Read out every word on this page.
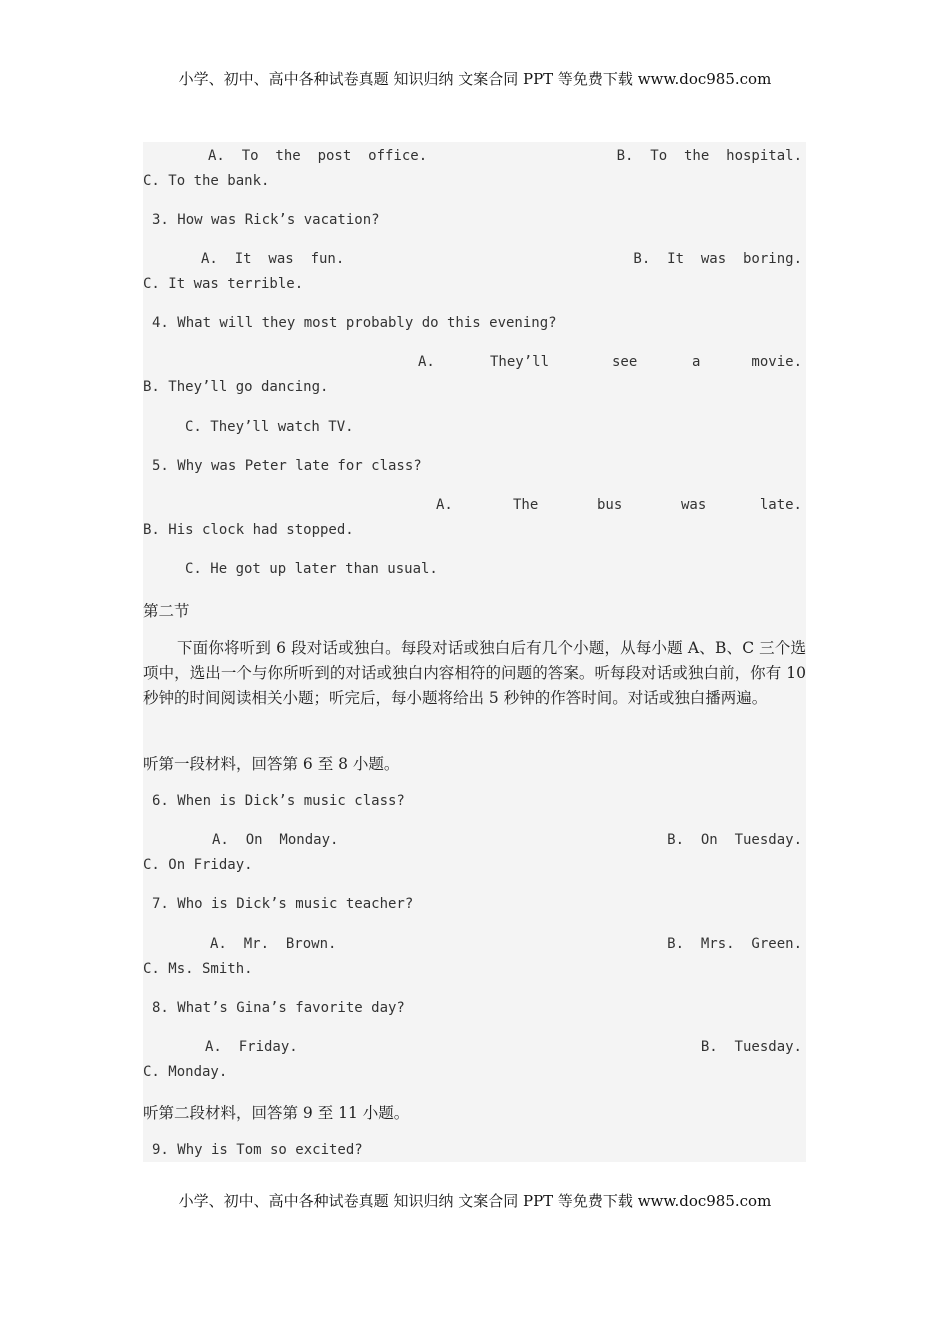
小学、初中、高中各种试卷真题 知识归纳 文案合同 PPT 等免费下载 www.doc985.com
A.  To  the  post  office.	B.  To  the  hospital.
C. To the bank.
3. How was Rick’s vacation?
A.  It  was  fun.	B.  It  was  boring.
C. It was terrible.
4. What will they most probably do this evening?
A.	They’ll	see	a	movie.
B. They’ll go dancing.
C. They’ll watch TV.
5. Why was Peter late for class?
A.	The	bus	was	late.
B. His clock had stopped.
C. He got up later than usual.
第二节
下面你将听到 6 段对话或独白。每段对话或独白后有几个小题，从每小题 A、B、C 三个选项中，选出一个与你所听到的对话或独白内容相符的问题的答案。听每段对话或独白前，你有 10 秒钟的时间阅读相关小题；听完后，每小题将给出 5 秒钟的作答时间。对话或独白播两遍。
听第一段材料，回答第 6 至 8 小题。
6. When is Dick’s music class?
A.  On  Monday.	B.  On  Tuesday.
C. On Friday.
7. Who is Dick’s music teacher?
A.  Mr.  Brown.	B.  Mrs.  Green.
C. Ms. Smith.
8. What’s Gina’s favorite day?
A.  Friday.	B.  Tuesday.
C. Monday.
听第二段材料，回答第 9 至 11 小题。
9. Why is Tom so excited?
小学、初中、高中各种试卷真题 知识归纳 文案合同 PPT 等免费下载 www.doc985.com
